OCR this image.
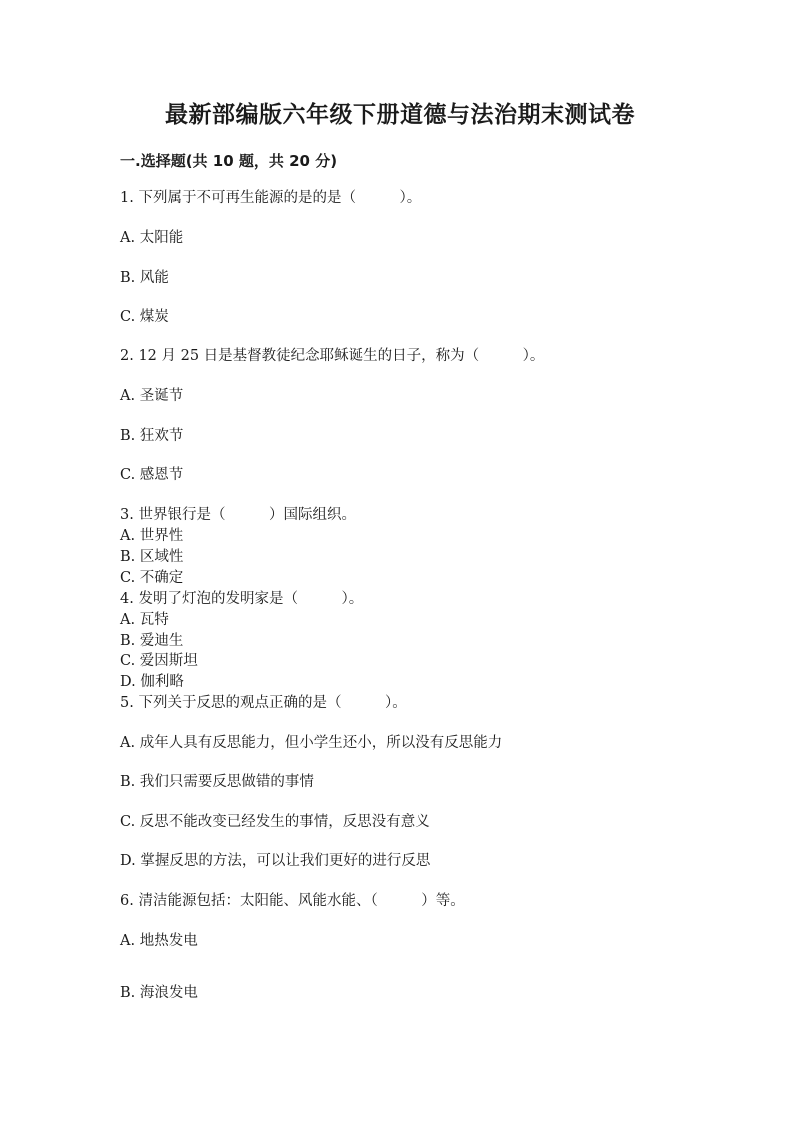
最新部编版六年级下册道德与法治期末测试卷
一.选择题(共 10 题，共 20 分)
1. 下列属于不可再生能源的是的是（　　　）。
A. 太阳能
B. 风能
C. 煤炭
2. 12 月 25 日是基督教徒纪念耶稣诞生的日子，称为（　　　）。
A. 圣诞节
B. 狂欢节
C. 感恩节
3. 世界银行是（　　　）国际组织。
A. 世界性
B. 区域性
C. 不确定
4. 发明了灯泡的发明家是（　　　）。
A. 瓦特
B. 爱迪生
C. 爱因斯坦
D. 伽利略
5. 下列关于反思的观点正确的是（　　　）。
A. 成年人具有反思能力，但小学生还小，所以没有反思能力
B. 我们只需要反思做错的事情
C. 反思不能改变已经发生的事情，反思没有意义
D. 掌握反思的方法，可以让我们更好的进行反思
6. 清洁能源包括：太阳能、风能水能、（　　　）等。
A. 地热发电
B. 海浪发电
